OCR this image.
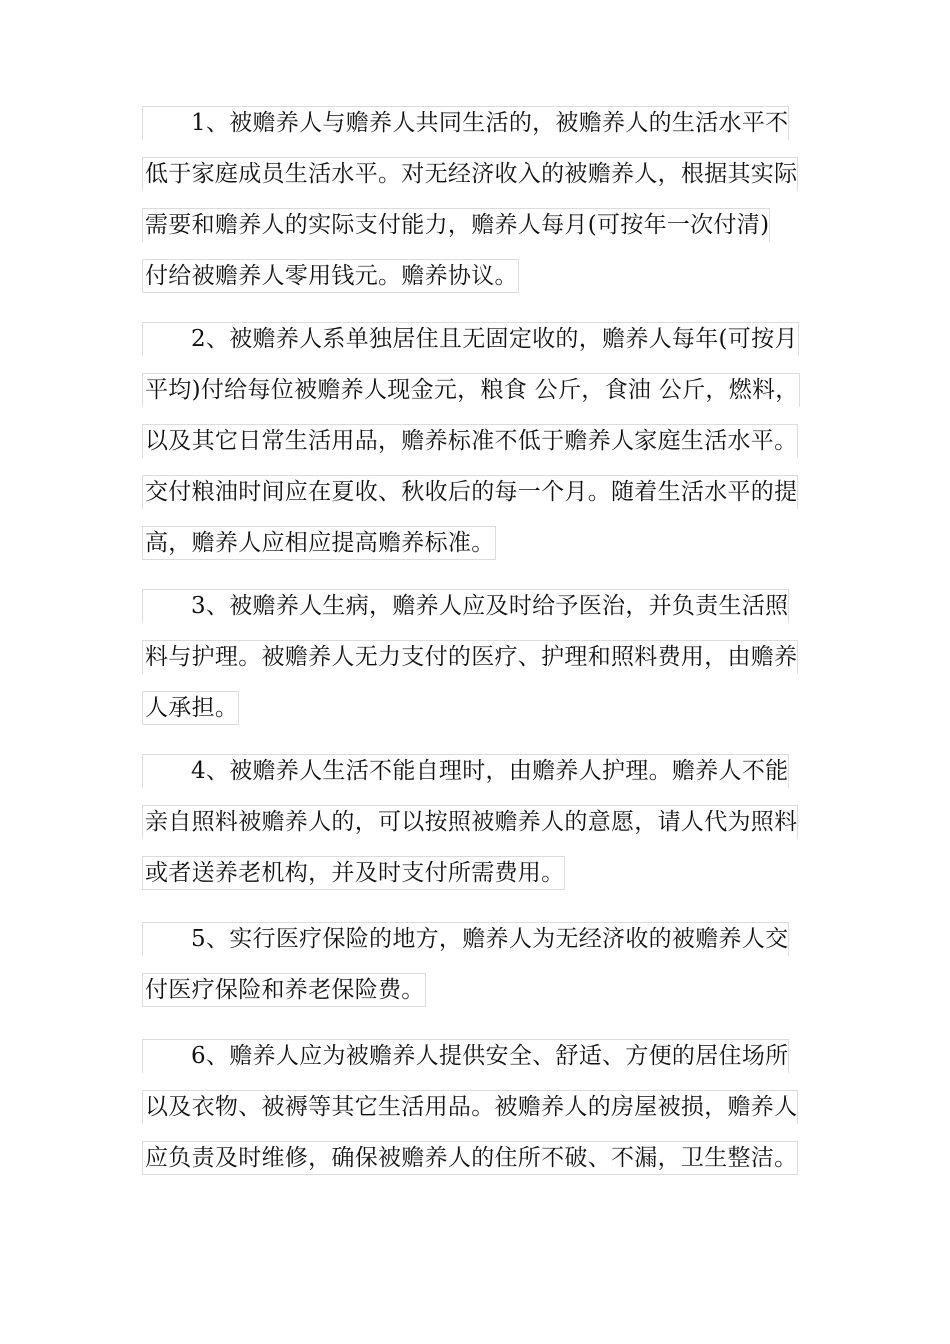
1、被赡养人与赡养人共同生活的，被赡养人的生活水平不
低于家庭成员生活水平。对无经济收入的被赡养人，根据其实际
需要和赡养人的实际支付能力，赡养人每月(可按年一次付清)
付给被赡养人零用钱元。赡养协议。
2、被赡养人系单独居住且无固定收的，赡养人每年(可按月
平均)付给每位被赡养人现金元，粮食 公斤，食油 公斤，燃料，
以及其它日常生活用品，赡养标准不低于赡养人家庭生活水平。
交付粮油时间应在夏收、秋收后的每一个月。随着生活水平的提
高，赡养人应相应提高赡养标准。
3、被赡养人生病，赡养人应及时给予医治，并负责生活照
料与护理。被赡养人无力支付的医疗、护理和照料费用，由赡养
人承担。
4、被赡养人生活不能自理时，由赡养人护理。赡养人不能
亲自照料被赡养人的，可以按照被赡养人的意愿，请人代为照料
或者送养老机构，并及时支付所需费用。
5、实行医疗保险的地方，赡养人为无经济收的被赡养人交
付医疗保险和养老保险费。
6、赡养人应为被赡养人提供安全、舒适、方便的居住场所
以及衣物、被褥等其它生活用品。被赡养人的房屋被损，赡养人
应负责及时维修，确保被赡养人的住所不破、不漏，卫生整洁。
